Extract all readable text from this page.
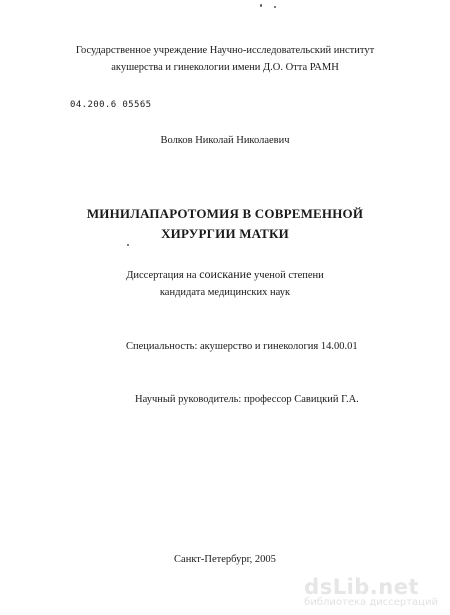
Государственное учреждение Научно-исследовательский институт
акушерства и гинекологии имени Д.О. Отта РАМН
04.200.6 05565
Волков Николай Николаевич
МИНИЛАПАРОТОМИЯ В СОВРЕМЕННОЙ
ХИРУРГИИ МАТКИ
Диссертация на соискание ученой степени
кандидата медицинских наук
Специальность: акушерство и гинекология 14.00.01
Научный руководитель: профессор Савицкий Г.А.
Санкт-Петербург, 2005
dsLib.net
библиотека диссертаций
